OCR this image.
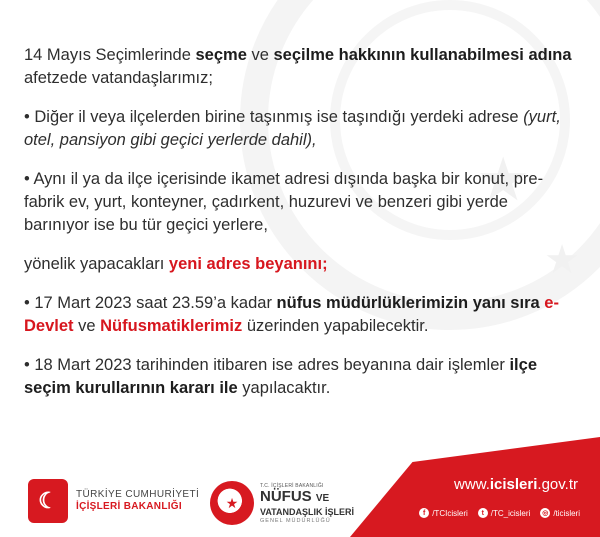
★
★

14 Mayıs Seçimlerinde seçme ve seçilme hakkının kullanabilmesi adına afetzede vatandaşlarımız;

• Diğer il veya ilçelerden birine taşınmış ise taşındığı yerdeki adrese (yurt, otel, pansiyon gibi geçici yerlerde dahil),

• Aynı il ya da ilçe içerisinde ikamet adresi dışında başka bir konut, pre-fabrik ev, yurt, konteyner, çadırkent, huzurevi ve benzeri gibi yerde barınıyor ise bu tür geçici yerlere,

yönelik yapacakları yeni adres beyanını;

• 17 Mart 2023 saat 23.59’a kadar nüfus müdürlüklerimizin yanı sıra e-Devlet ve Nüfusmatiklerimiz üzerinden yapabilecektir.

• 18 Mart 2023 tarihinden itibaren ise adres beyanına dair işlemler ilçe seçim kurullarının kararı ile yapılacaktır.

☾	TÜRKİYE CUMHURİYETİ
İÇİŞLERİ BAKANLIĞI	★
T.C. İÇİŞLERİ BAKANLIĞI
NÜFUS VE
VATANDAŞLIK İŞLERİ
GENEL MÜDÜRLÜĞÜ
www.icisleri.gov.tr
f /TCIcisleri	t /TC_icisleri ◎ /ticisleri
